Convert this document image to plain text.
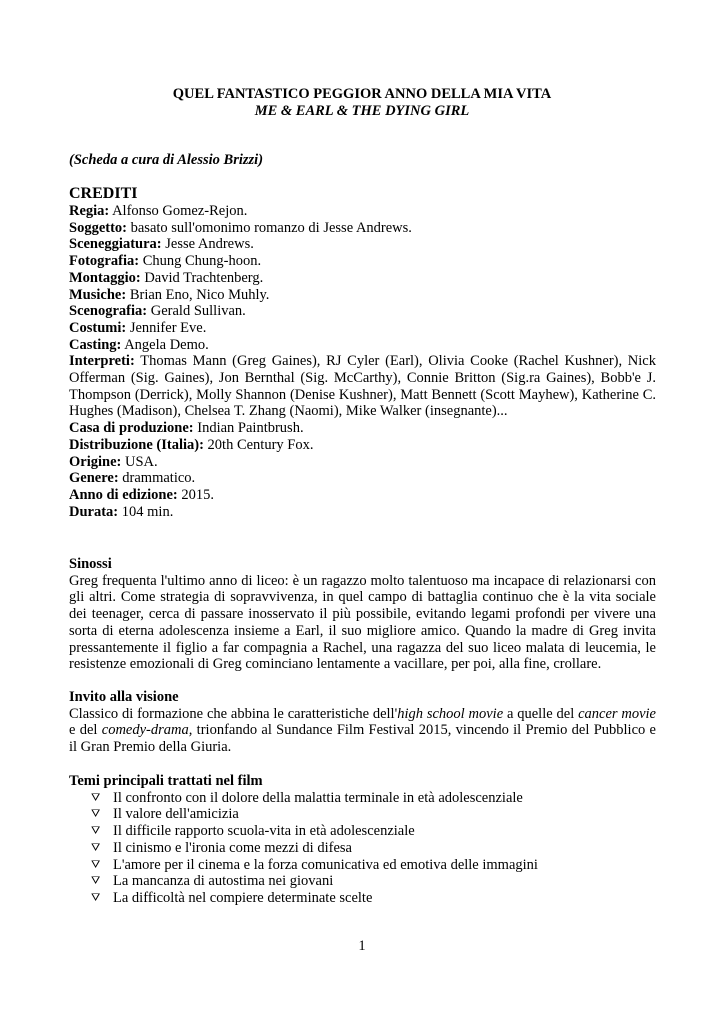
QUEL FANTASTICO PEGGIOR ANNO DELLA MIA VITA
ME & EARL & THE DYING GIRL
(Scheda a cura di Alessio Brizzi)
CREDITI
Regia: Alfonso Gomez-Rejon.
Soggetto: basato sull'omonimo romanzo di Jesse Andrews.
Sceneggiatura: Jesse Andrews.
Fotografia: Chung Chung-hoon.
Montaggio: David Trachtenberg.
Musiche: Brian Eno, Nico Muhly.
Scenografia: Gerald Sullivan.
Costumi: Jennifer Eve.
Casting: Angela Demo.
Interpreti: Thomas Mann (Greg Gaines), RJ Cyler (Earl), Olivia Cooke (Rachel Kushner), Nick Offerman (Sig. Gaines), Jon Bernthal (Sig. McCarthy), Connie Britton (Sig.ra Gaines), Bobb'e J. Thompson (Derrick), Molly Shannon (Denise Kushner), Matt Bennett (Scott Mayhew), Katherine C. Hughes (Madison), Chelsea T. Zhang (Naomi), Mike Walker (insegnante)...
Casa di produzione: Indian Paintbrush.
Distribuzione (Italia): 20th Century Fox.
Origine: USA.
Genere: drammatico.
Anno di edizione: 2015.
Durata: 104 min.
Sinossi
Greg frequenta l'ultimo anno di liceo: è un ragazzo molto talentuoso ma incapace di relazionarsi con gli altri. Come strategia di sopravvivenza, in quel campo di battaglia continuo che è la vita sociale dei teenager, cerca di passare inosservato il più possibile, evitando legami profondi per vivere una sorta di eterna adolescenza insieme a Earl, il suo migliore amico. Quando la madre di Greg invita pressantemente il figlio a far compagnia a Rachel, una ragazza del suo liceo malata di leucemia, le resistenze emozionali di Greg cominciano lentamente a vacillare, per poi, alla fine, crollare.
Invito alla visione
Classico di formazione che abbina le caratteristiche dell'high school movie a quelle del cancer movie e del comedy-drama, trionfando al Sundance Film Festival 2015, vincendo il Premio del Pubblico e il Gran Premio della Giuria.
Temi principali trattati nel film
⛛ Il confronto con il dolore della malattia terminale in età adolescenziale
⛛ Il valore dell'amicizia
⛛ Il difficile rapporto scuola-vita in età adolescenziale
⛛ Il cinismo e l'ironia come mezzi di difesa
⛛ L'amore per il cinema e la forza comunicativa ed emotiva delle immagini
⛛ La mancanza di autostima nei giovani
⛛ La difficoltà nel compiere determinate scelte
1
